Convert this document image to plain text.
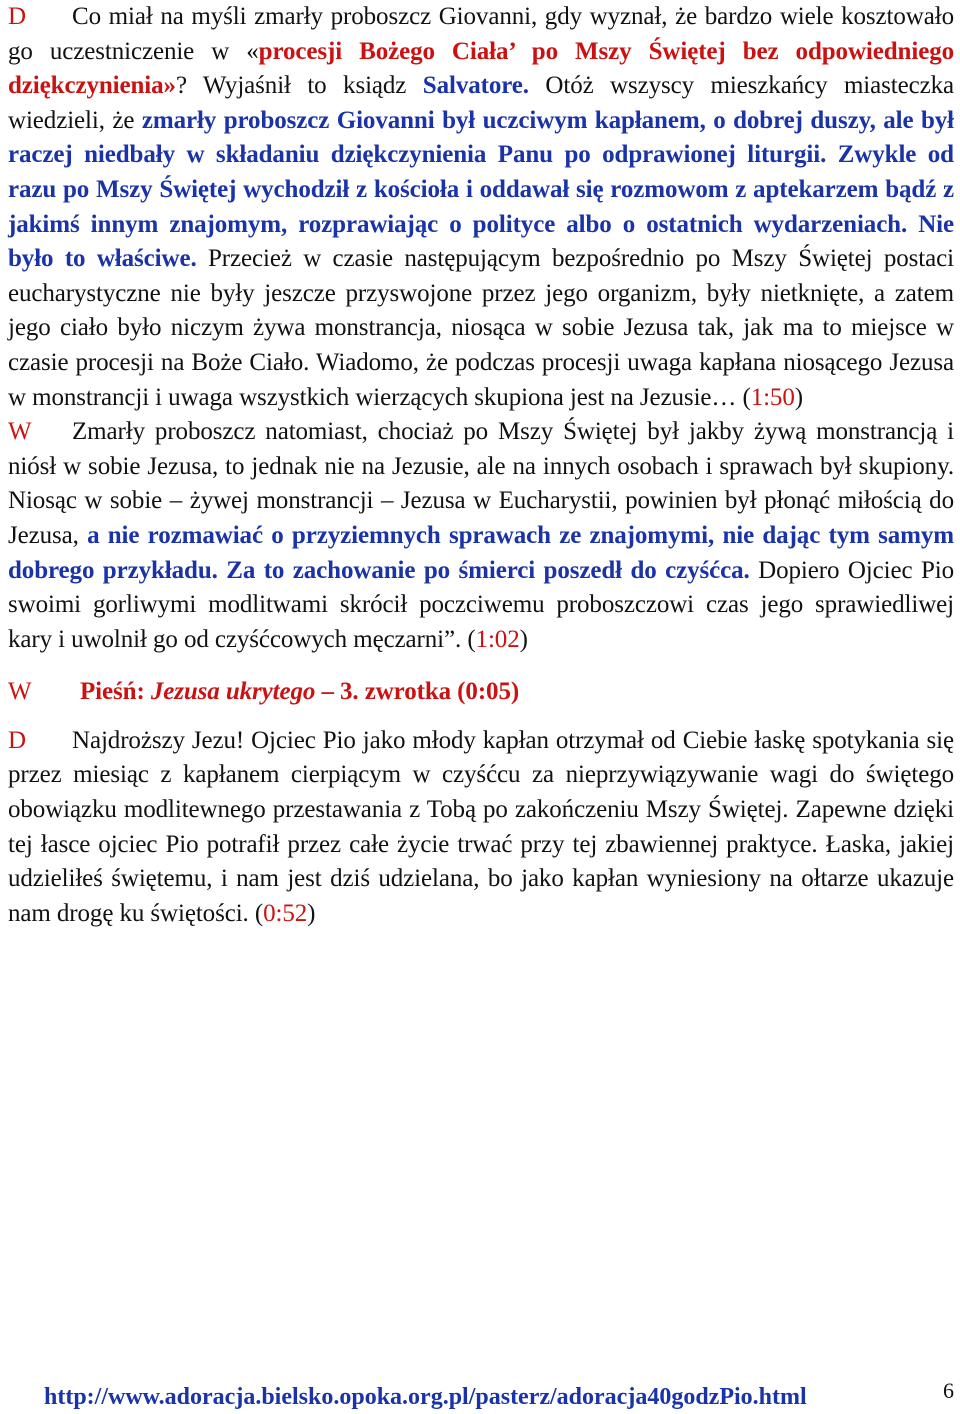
D Co miał na myśli zmarły proboszcz Giovanni, gdy wyznał, że bardzo wiele kosztowało go uczestniczenie w «procesji Bożego Ciała’ po Mszy Świętej bez odpowiedniego dziękczynienia»? Wyjaśnił to ksiądz Salvatore. Otóż wszyscy mieszkańcy miasteczka wiedzieli, że zmarły proboszcz Giovanni był uczciwym kapłanem, o dobrej duszy, ale był raczej niedbały w składaniu dziękczynienia Panu po odprawionej liturgii. Zwykle od razu po Mszy Świętej wychodził z kościoła i oddawał się rozmowom z aptekarzem bądź z jakimś innym znajomym, rozprawiając o polityce albo o ostatnich wydarzeniach. Nie było to właściwe. Przecież w czasie następującym bezpośrednio po Mszy Świętej postaci eucharystyczne nie były jeszcze przyswojone przez jego organizm, były nietknięte, a zatem jego ciało było niczym żywa monstrancja, niosąca w sobie Jezusa tak, jak ma to miejsce w czasie procesji na Boże Ciało. Wiadomo, że podczas procesji uwaga kapłana niosącego Jezusa w monstrancji i uwaga wszystkich wierzących skupiona jest na Jezusie… (1:50)

W Zmarły proboszcz natomiast, chociaż po Mszy Świętej był jakby żywą monstrancją i niósł w sobie Jezusa, to jednak nie na Jezusie, ale na innych osobach i sprawach był skupiony. Niosąc w sobie – żywej monstrancji – Jezusa w Eucharystii, powinien był płonąć miłością do Jezusa, a nie rozmawiać o przyziemnych sprawach ze znajomymi, nie dając tym samym dobrego przykładu. Za to zachowanie po śmierci poszedł do czyśćca. Dopiero Ojciec Pio swoimi gorliwymi modlitwami skrócił poczciwemu proboszczowi czas jego sprawiedliwej kary i uwolnił go od czyśćcowych męczarni”. (1:02)

W Pieśń: Jezusa ukrytego – 3. zwrotka (0:05)

D Najdroższy Jezu! Ojciec Pio jako młody kapłan otrzymał od Ciebie łaskę spotykania się przez miesiąc z kapłanem cierpiącym w czyśćcu za nieprzywiązywanie wagi do świętego obowiązku modlitewnego przestawania z Tobą po zakończeniu Mszy Świętej. Zapewne dzięki tej łasce ojciec Pio potrafił przez całe życie trwać przy tej zbawiennej praktyce. Łaska, jakiej udzieliłeś świętemu, i nam jest dziś udzielana, bo jako kapłan wyniesiony na ołtarze ukazuje nam drogę ku świętości. (0:52)

http://www.adoracja.bielsko.opoka.org.pl/pasterz/adoracja40godzPio.html	6
